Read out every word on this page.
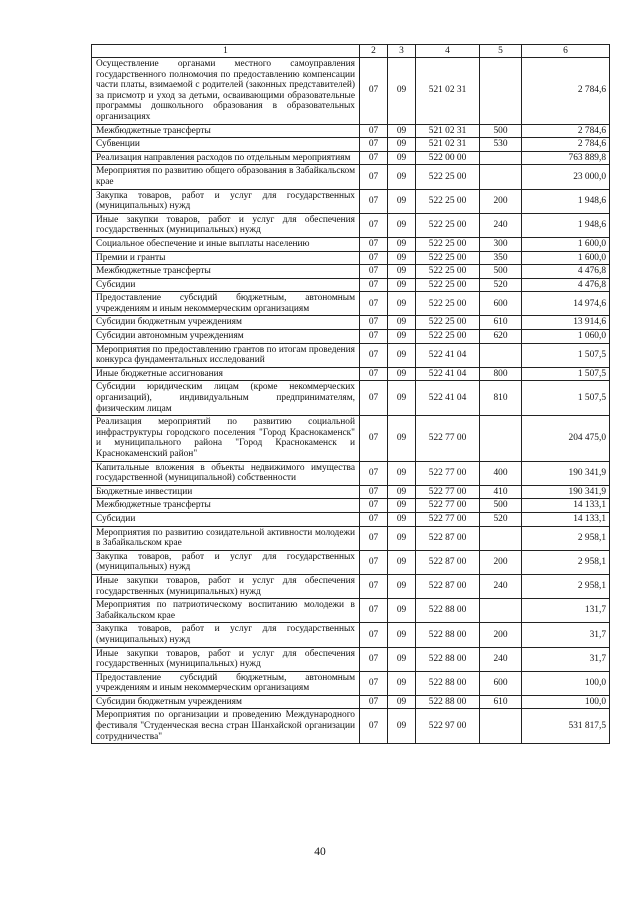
1	2	3	4	5	6
Осуществление органами местного самоуправления государственного полномочия по предоставлению компенсации части платы, взимаемой с родителей (законных представителей) за присмотр и уход за детьми, осваивающими образовательные программы дошкольного образования в образовательных организациях	07	09	521 02 31		2 784,6
Межбюджетные трансферты	07	09	521 02 31	500	2 784,6
Субвенции	07	09	521 02 31	530	2 784,6
Реализация направления расходов по отдельным мероприятиям	07	09	522 00 00		763 889,8
Мероприятия по развитию общего образования в Забайкальском крае	07	09	522 25 00		23 000,0
Закупка товаров, работ и услуг для государственных (муниципальных) нужд	07	09	522 25 00	200	1 948,6
Иные закупки товаров, работ и услуг для обеспечения государственных (муниципальных) нужд	07	09	522 25 00	240	1 948,6
Социальное обеспечение и иные выплаты населению	07	09	522 25 00	300	1 600,0
Премии и гранты	07	09	522 25 00	350	1 600,0
Межбюджетные трансферты	07	09	522 25 00	500	4 476,8
Субсидии	07	09	522 25 00	520	4 476,8
Предоставление субсидий бюджетным, автономным учреждениям и иным некоммерческим организациям	07	09	522 25 00	600	14 974,6
Субсидии бюджетным учреждениям	07	09	522 25 00	610	13 914,6
Субсидии автономным учреждениям	07	09	522 25 00	620	1 060,0
Мероприятия по предоставлению грантов по итогам проведения конкурса фундаментальных исследований	07	09	522 41 04		1 507,5
Иные бюджетные ассигнования	07	09	522 41 04	800	1 507,5
Субсидии юридическим лицам (кроме некоммерческих организаций), индивидуальным предпринимателям, физическим лицам	07	09	522 41 04	810	1 507,5
Реализация мероприятий по развитию социальной инфраструктуры городского поселения "Город Краснокаменск" и муниципального района "Город Краснокаменск и Краснокаменский район"	07	09	522 77 00		204 475,0
Капитальные вложения в объекты недвижимого имущества государственной (муниципальной) собственности	07	09	522 77 00	400	190 341,9
Бюджетные инвестиции	07	09	522 77 00	410	190 341,9
Межбюджетные трансферты	07	09	522 77 00	500	14 133,1
Субсидии	07	09	522 77 00	520	14 133,1
Мероприятия по развитию созидательной активности молодежи в Забайкальском крае	07	09	522 87 00		2 958,1
Закупка товаров, работ и услуг для государственных (муниципальных) нужд	07	09	522 87 00	200	2 958,1
Иные закупки товаров, работ и услуг для обеспечения государственных (муниципальных) нужд	07	09	522 87 00	240	2 958,1
Мероприятия по патриотическому воспитанию молодежи в Забайкальском крае	07	09	522 88 00		131,7
Закупка товаров, работ и услуг для государственных (муниципальных) нужд	07	09	522 88 00	200	31,7
Иные закупки товаров, работ и услуг для обеспечения государственных (муниципальных) нужд	07	09	522 88 00	240	31,7
Предоставление субсидий бюджетным, автономным учреждениям и иным некоммерческим организациям	07	09	522 88 00	600	100,0
Субсидии бюджетным учреждениям	07	09	522 88 00	610	100,0
Мероприятия по организации и проведению Международного фестиваля "Студенческая весна стран Шанхайской организации сотрудничества"	07	09	522 97 00		531 817,5
40
